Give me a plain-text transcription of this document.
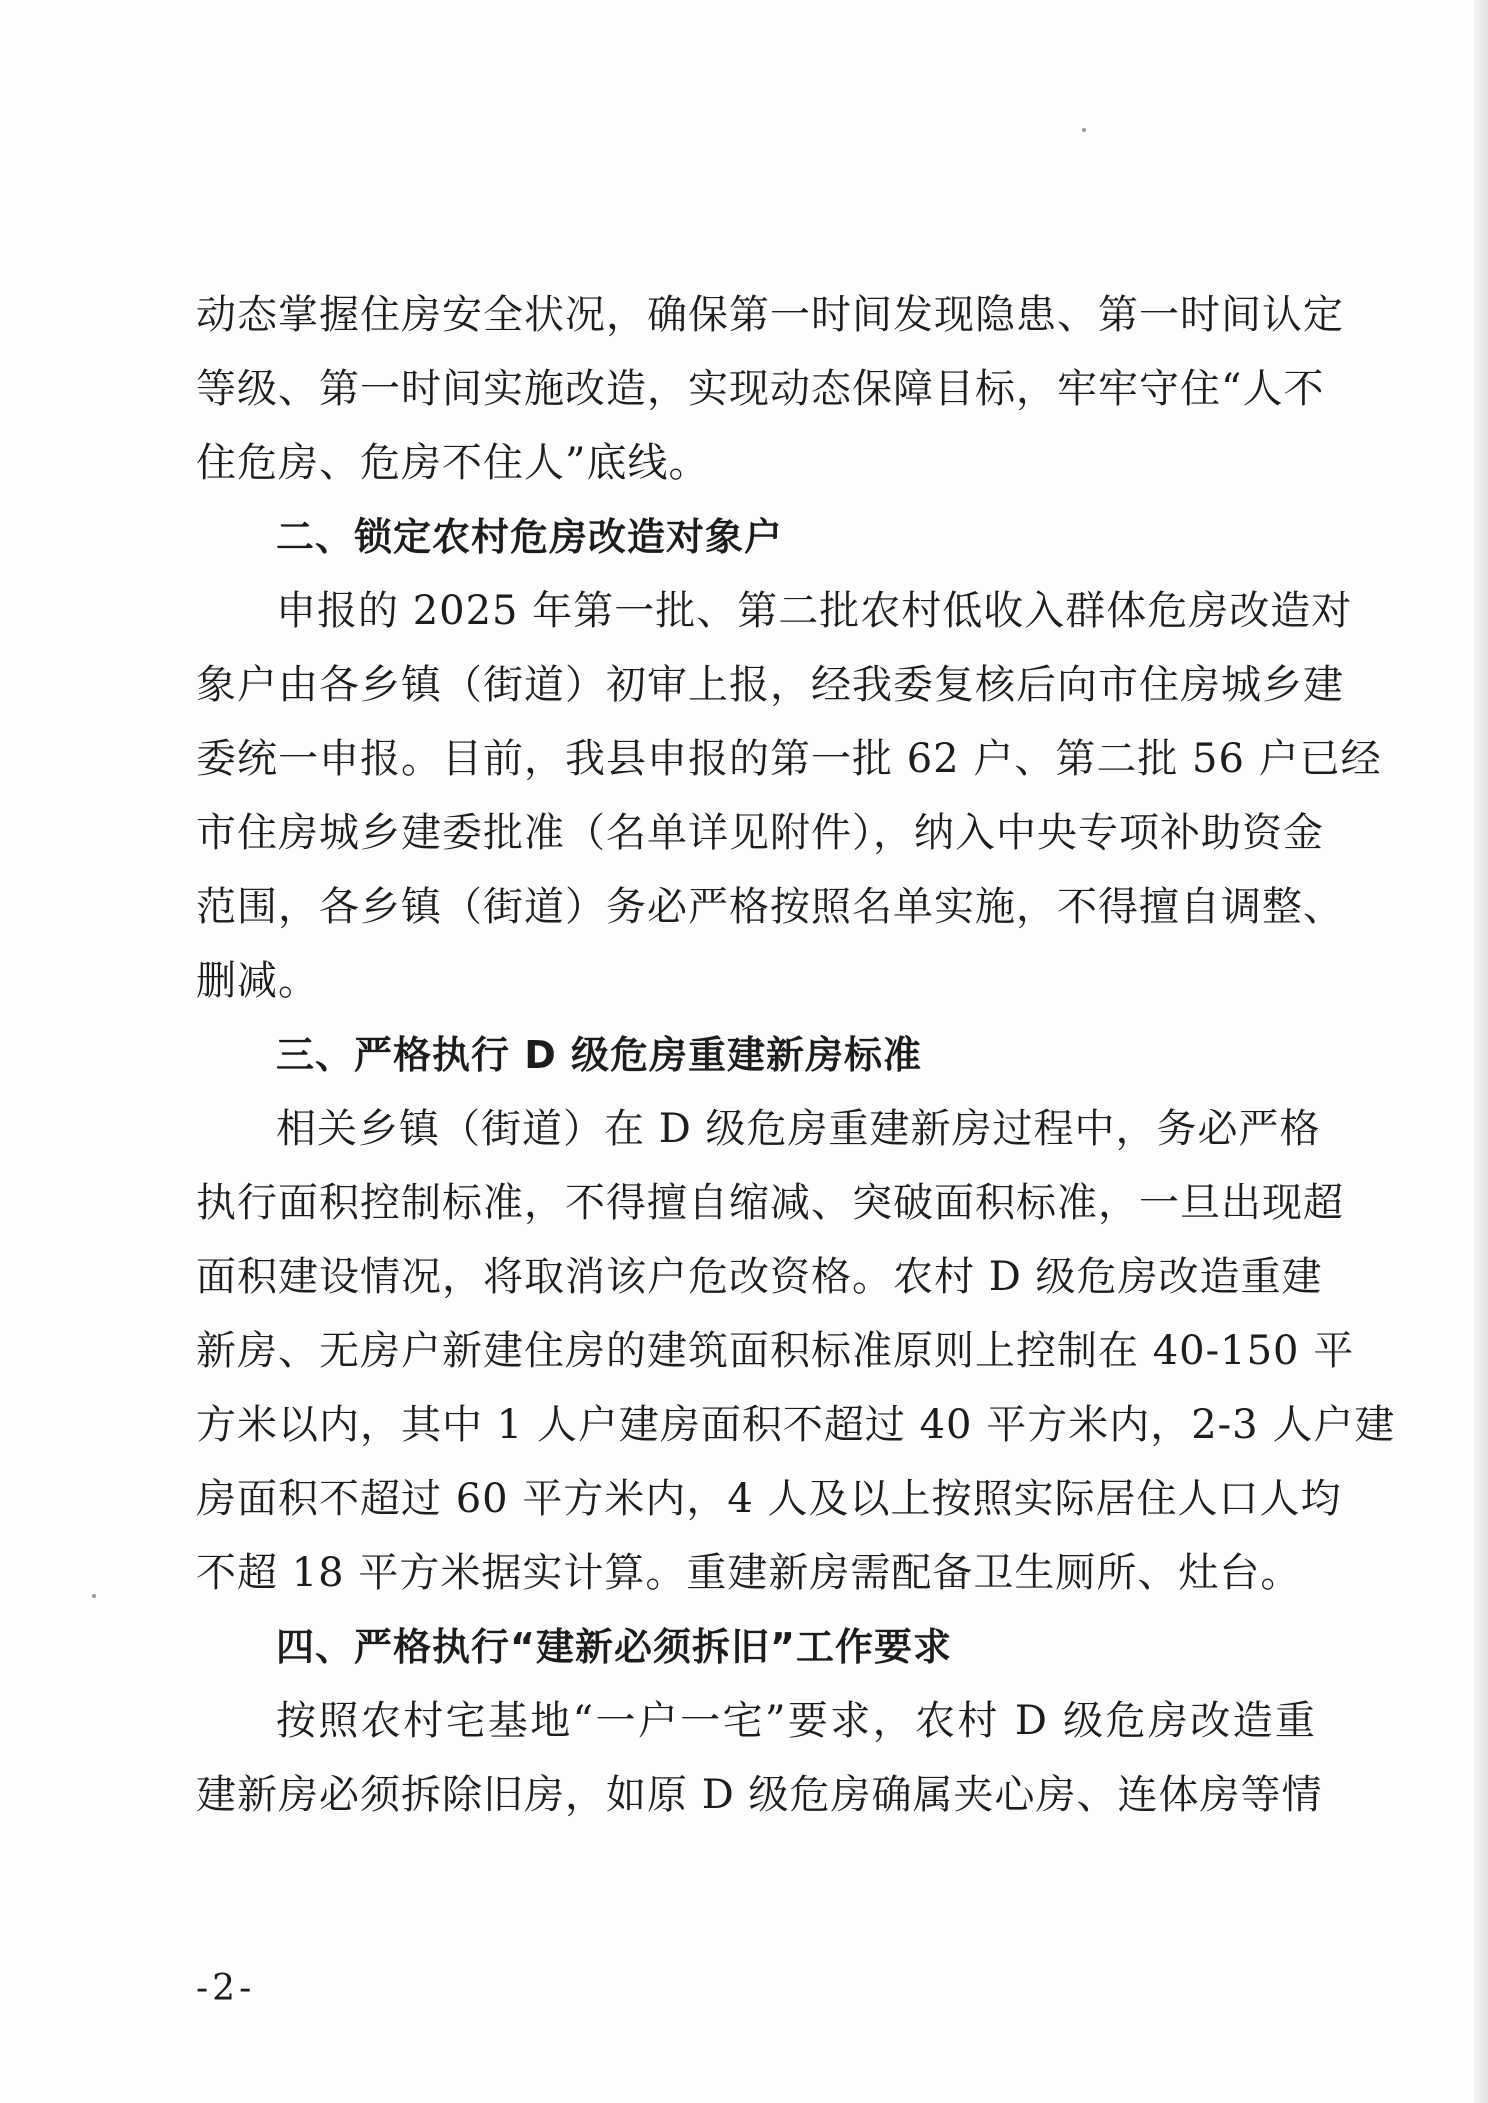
动态掌握住房安全状况，确保第一时间发现隐患、第一时间认定
等级、第一时间实施改造，实现动态保障目标，牢牢守住“人不
住危房、危房不住人”底线。
二、锁定农村危房改造对象户
申报的 2025 年第一批、第二批农村低收入群体危房改造对
象户由各乡镇（街道）初审上报，经我委复核后向市住房城乡建
委统一申报。目前，我县申报的第一批 62 户、第二批 56 户已经
市住房城乡建委批准（名单详见附件），纳入中央专项补助资金
范围，各乡镇（街道）务必严格按照名单实施，不得擅自调整、
删减。
三、严格执行 D 级危房重建新房标准
相关乡镇（街道）在 D 级危房重建新房过程中，务必严格
执行面积控制标准，不得擅自缩减、突破面积标准，一旦出现超
面积建设情况，将取消该户危改资格。农村 D 级危房改造重建
新房、无房户新建住房的建筑面积标准原则上控制在 40-150 平
方米以内，其中 1 人户建房面积不超过 40 平方米内，2-3 人户建
房面积不超过 60 平方米内，4 人及以上按照实际居住人口人均
不超 18 平方米据实计算。重建新房需配备卫生厕所、灶台。
四、严格执行“建新必须拆旧”工作要求
按照农村宅基地“一户一宅”要求，农村 D 级危房改造重
建新房必须拆除旧房，如原 D 级危房确属夹心房、连体房等情
-2-
